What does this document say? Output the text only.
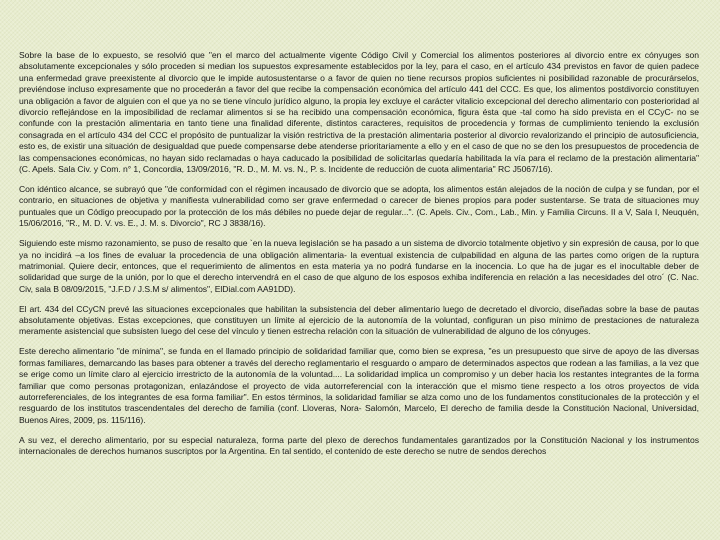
Sobre la base de lo expuesto, se resolvió que "en el marco del actualmente vigente Código Civil y Comercial los alimentos posteriores al divorcio entre ex cónyuges son absolutamente excepcionales y sólo proceden si median los supuestos expresamente establecidos por la ley, para el caso, en el artículo 434 previstos en favor de quien padece una enfermedad grave preexistente al divorcio que le impide autosustentarse o a favor de quien no tiene recursos propios suficientes ni posibilidad razonable de procurárselos, previéndose incluso expresamente que no procederán a favor del que recibe la compensación económica del artículo 441 del CCC. Es que, los alimentos postdivorcio constituyen una obligación a favor de alguien con el que ya no se tiene vínculo jurídico alguno, la propia ley excluye el carácter vitalicio excepcional del derecho alimentario con posterioridad al divorcio reflejándose en la imposibilidad de reclamar alimentos si se ha recibido una compensación económica, figura ésta que -tal como ha sido prevista en el CCyC- no se confunde con la prestación alimentaria en tanto tiene una finalidad diferente, distintos caracteres, requisitos de procedencia y formas de cumplimiento teniendo la exclusión consagrada en el artículo 434 del CCC el propósito de puntualizar la visión restrictiva de la prestación alimentaria posterior al divorcio revalorizando el principio de autosuficiencia, esto es, de existir una situación de desigualdad que puede compensarse debe atenderse prioritariamente a ello y en el caso de que no se den los presupuestos de procedencia de las compensaciones económicas, no hayan sido reclamadas o haya caducado la posibilidad de solicitarlas quedaría habilitada la vía para el reclamo de la prestación alimentaria" (C. Apels. Sala Civ. y Com. n° 1, Concordia, 13/09/2016, "R. D., M. M. vs. N., P. s. Incidente de reducción de cuota alimentaria" RC J5067/16).

Con idéntico alcance, se subrayó que "de conformidad con el régimen incausado de divorcio que se adopta, los alimentos están alejados de la noción de culpa y se fundan, por el contrario, en situaciones de objetiva y manifiesta vulnerabilidad como ser grave enfermedad o carecer de bienes propios para poder sustentarse. Se trata de situaciones muy puntuales que un Código preocupado por la protección de los más débiles no puede dejar de regular...". (C. Apels. Civ., Com., Lab., Min. y Familia Circuns. II a V, Sala I, Neuquén, 15/06/2016, "R., M. D. V. vs. E., J. M. s. Divorcio", RC J 3838/16).

Siguiendo este mismo razonamiento, se puso de resalto que `en la nueva legislación se ha pasado a un sistema de divorcio totalmente objetivo y sin expresión de causa, por lo que ya no incidirá –a los fines de evaluar la procedencia de una obligación alimentaria- la eventual existencia de culpabilidad en alguna de las partes como origen de la ruptura matrimonial. Quiere decir, entonces, que el requerimiento de alimentos en esta materia ya no podrá fundarse en la inocencia. Lo que ha de jugar es el inocultable deber de solidaridad que surge de la unión, por lo que el derecho intervendrá en el caso de que alguno de los esposos exhiba indiferencia en relación a las necesidades del otro´ (C. Nac. Civ, sala B 08/09/2015, "J.F.D / J.S.M s/ alimentos", ElDial.com AA91DD).

El art. 434 del CCyCN prevé las situaciones excepcionales que habilitan la subsistencia del deber alimentario luego de decretado el divorcio, diseñadas sobre la base de pautas absolutamente objetivas. Estas excepciones, que constituyen un límite al ejercicio de la autonomía de la voluntad, configuran un piso mínimo de prestaciones de naturaleza meramente asistencial que subsisten luego del cese del vínculo y tienen estrecha relación con la situación de vulnerabilidad de alguno de los cónyuges.

Este derecho alimentario "de mínima", se funda en el llamado principio de solidaridad familiar que, como bien se expresa, "es un presupuesto que sirve de apoyo de las diversas formas familiares, demarcando las bases para obtener a través del derecho reglamentario el resguardo o amparo de determinados aspectos que rodean a las familias, a la vez que se erige como un límite claro al ejercicio irrestricto de la autonomía de la voluntad.... La solidaridad implica un compromiso y un deber hacia los restantes integrantes de la forma familiar que como personas protagonizan, enlazándose el proyecto de vida autorreferencial con la interacción que el mismo tiene respecto a los otros proyectos de vida autorreferenciales, de los integrantes de esa forma familiar". En estos términos, la solidaridad familiar se alza como uno de los fundamentos constitucionales de la protección y el resguardo de los institutos trascendentales del derecho de familia (conf. Lloveras, Nora- Salomón, Marcelo, El derecho de familia desde la Constitución Nacional, Universidad, Buenos Aires, 2009, ps. 115/116).

A su vez, el derecho alimentario, por su especial naturaleza, forma parte del plexo de derechos fundamentales garantizados por la Constitución Nacional y los instrumentos internacionales de derechos humanos suscriptos por la Argentina. En tal sentido, el contenido de este derecho se nutre de sendos derechos
